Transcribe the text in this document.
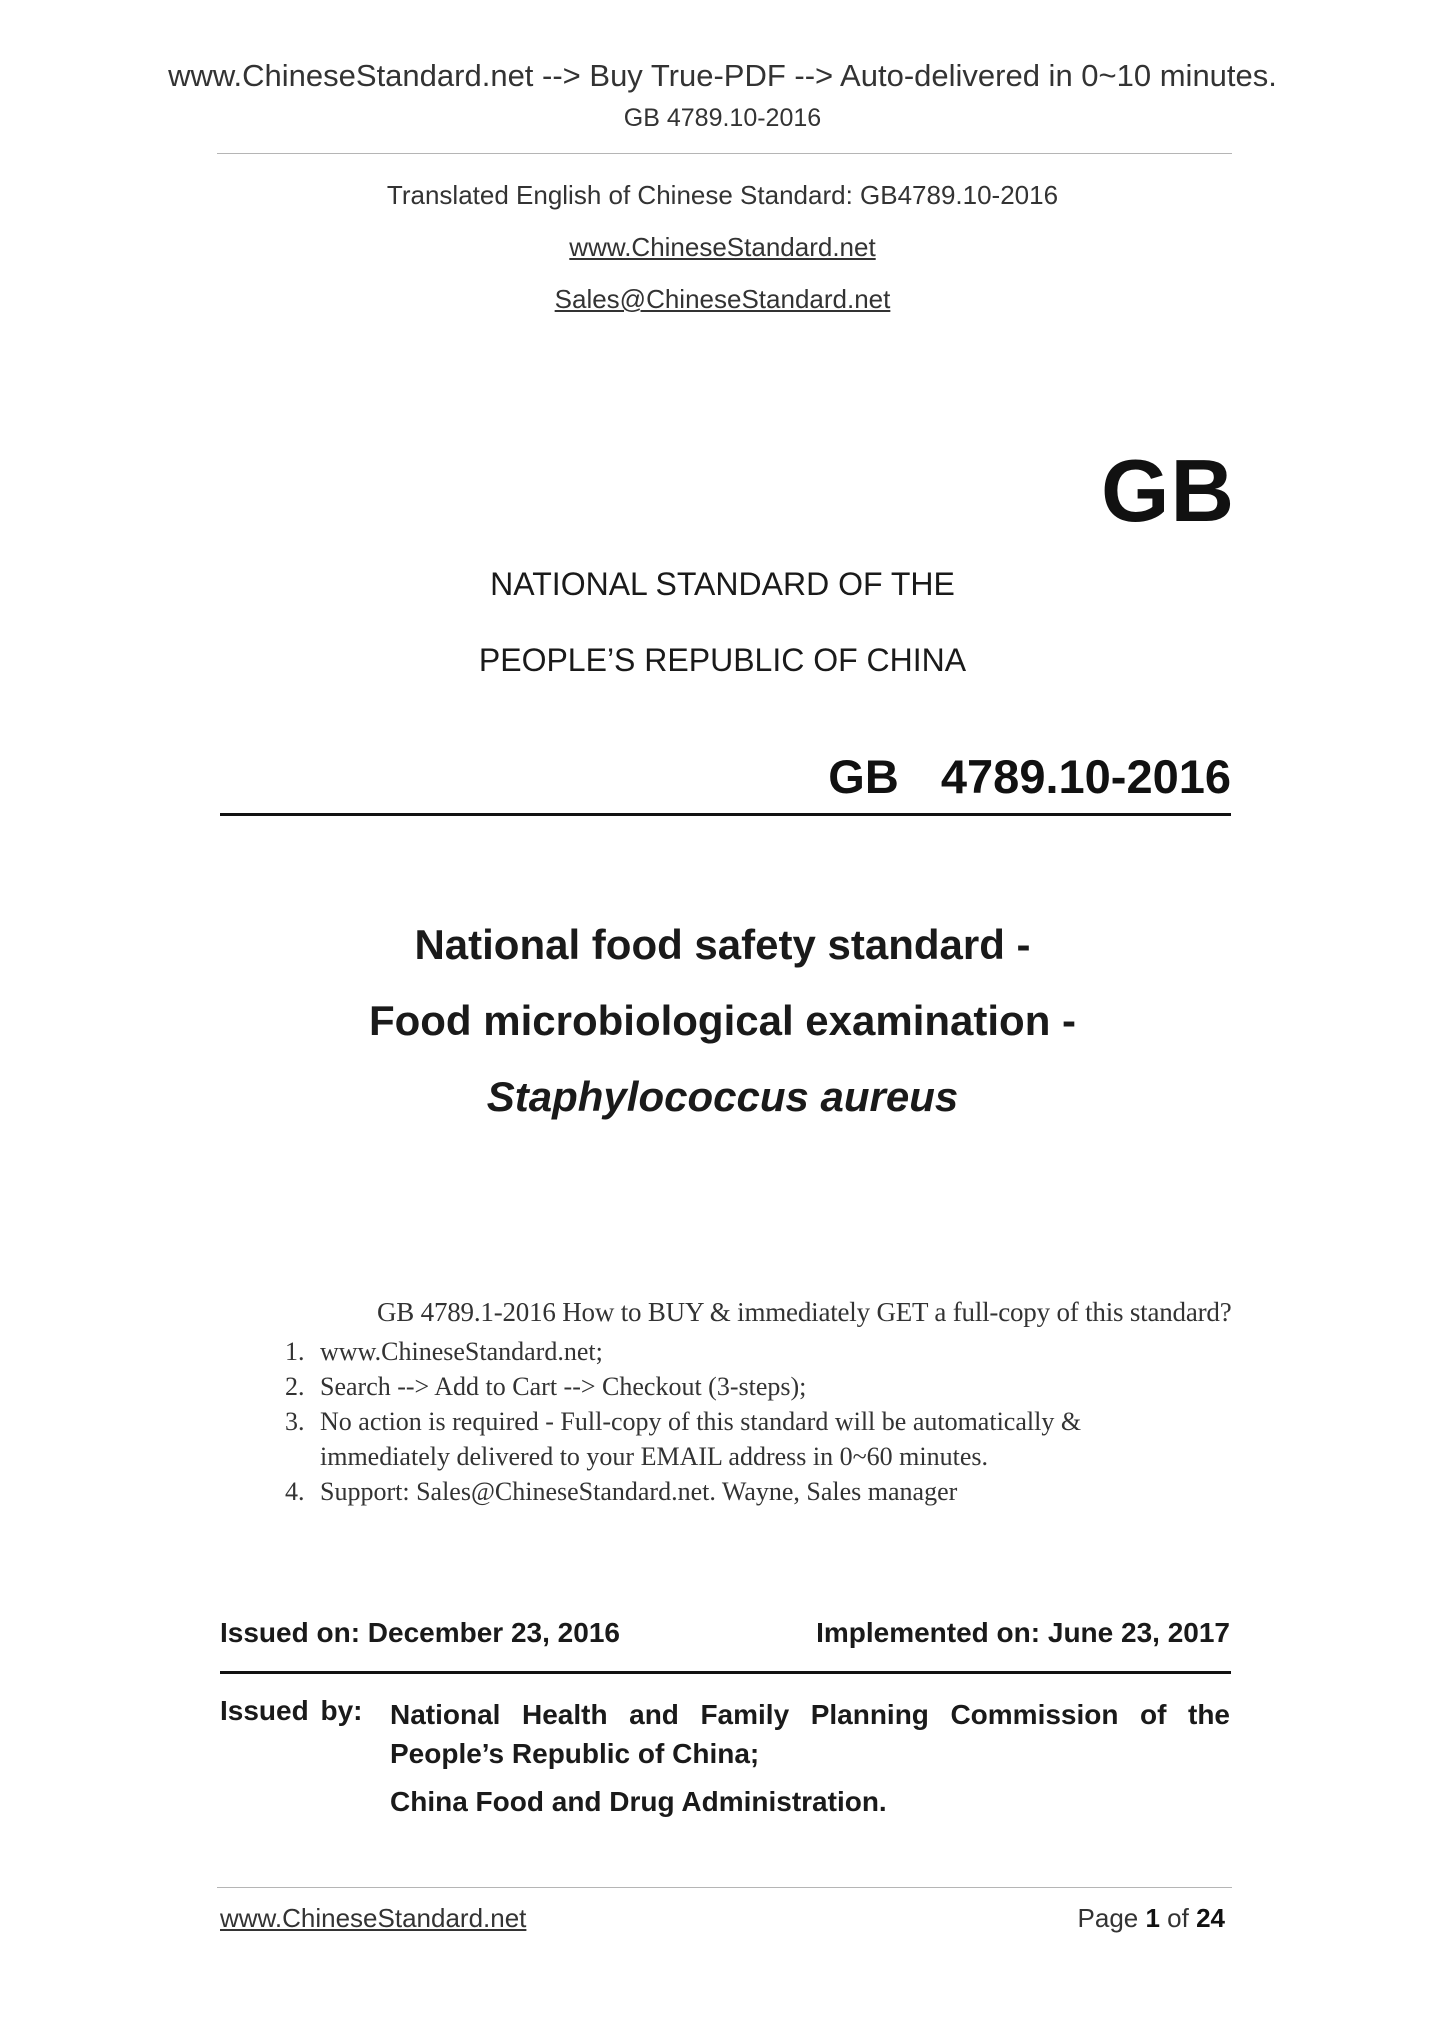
www.ChineseStandard.net --> Buy True-PDF --> Auto-delivered in 0~10 minutes.
GB 4789.10-2016
Translated English of Chinese Standard: GB4789.10-2016
www.ChineseStandard.net
Sales@ChineseStandard.net
GB
NATIONAL STANDARD OF THE
PEOPLE’S REPUBLIC OF CHINA
GB  4789.10-2016
National food safety standard -
Food microbiological examination -
Staphylococcus aureus
GB 4789.1-2016 How to BUY & immediately GET a full-copy of this standard?
1. www.ChineseStandard.net;
2. Search --> Add to Cart --> Checkout (3-steps);
3. No action is required - Full-copy of this standard will be automatically & immediately delivered to your EMAIL address in 0~60 minutes.
4. Support: Sales@ChineseStandard.net. Wayne, Sales manager
Issued on: December 23, 2016	Implemented on: June 23, 2017
Issued by: National Health and Family Planning Commission of the People’s Republic of China;
China Food and Drug Administration.
www.ChineseStandard.net	Page 1 of 24
